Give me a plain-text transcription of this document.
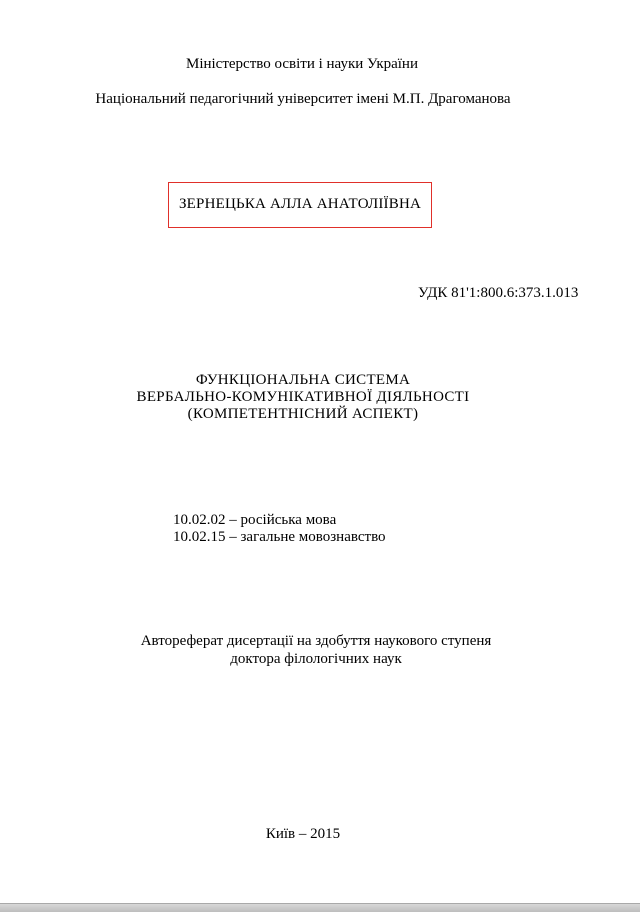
Міністерство освіти і науки України
Національний педагогічний університет імені М.П. Драгоманова
ЗЕРНЕЦЬКА АЛЛА АНАТОЛІЇВНА
УДК 81'1:800.6:373.1.013
ФУНКЦІОНАЛЬНА СИСТЕМА
ВЕРБАЛЬНО-КОМУНІКАТИВНОЇ ДІЯЛЬНОСТІ
(КОМПЕТЕНТНІСНИЙ АСПЕКТ)
10.02.02 – російська мова
10.02.15 – загальне мовознавство
Автореферат дисертації на здобуття наукового ступеня
доктора філологічних наук
Київ – 2015
